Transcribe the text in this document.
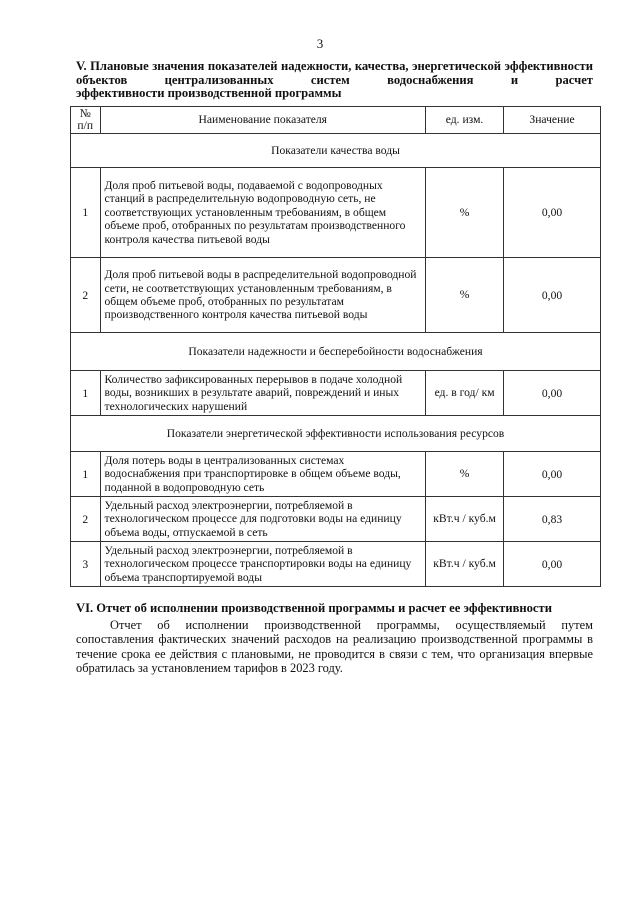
3
V. Плановые значения показателей надежности, качества, энергетической эффективности объектов централизованных систем водоснабжения и расчет
эффективности производственной программы
№ п/п	Наименование показателя	ед. изм.	Значение
Показатели качества воды			
1	Доля проб питьевой воды, подаваемой с водопроводных станций в распределительную водопроводную сеть, не соответствующих установленным требованиям, в общем объеме проб, отобранных по результатам производственного контроля качества питьевой воды	%	0,00
2	Доля проб питьевой воды в распределительной водопроводной сети, не соответствующих установленным требованиям, в общем объеме проб, отобранных по результатам производственного контроля качества питьевой воды	%	0,00
Показатели надежности и бесперебойности водоснабжения			
1	Количество зафиксированных перерывов в подаче холодной воды, возникших в результате аварий, повреждений и иных технологических нарушений	ед. в год/ км	0,00
Показатели энергетической эффективности использования ресурсов			
1	Доля потерь воды в централизованных системах водоснабжения при транспортировке в общем объеме воды, поданной в водопроводную сеть	%	0,00
2	Удельный расход электроэнергии, потребляемой в технологическом процессе для подготовки воды на единицу объема воды, отпускаемой в сеть	кВт.ч / куб.м	0,83
3	Удельный расход электроэнергии, потребляемой в технологическом процессе транспортировки воды на единицу объема транспортируемой воды	кВт.ч / куб.м	0,00
VI. Отчет об исполнении производственной программы и расчет ее эффективности
Отчет об исполнении производственной программы, осуществляемый путем сопоставления фактических значений расходов на реализацию производственной программы в течение срока ее действия с плановыми, не проводится в связи с тем, что организация впервые обратилась за установлением тарифов в 2023 году.
